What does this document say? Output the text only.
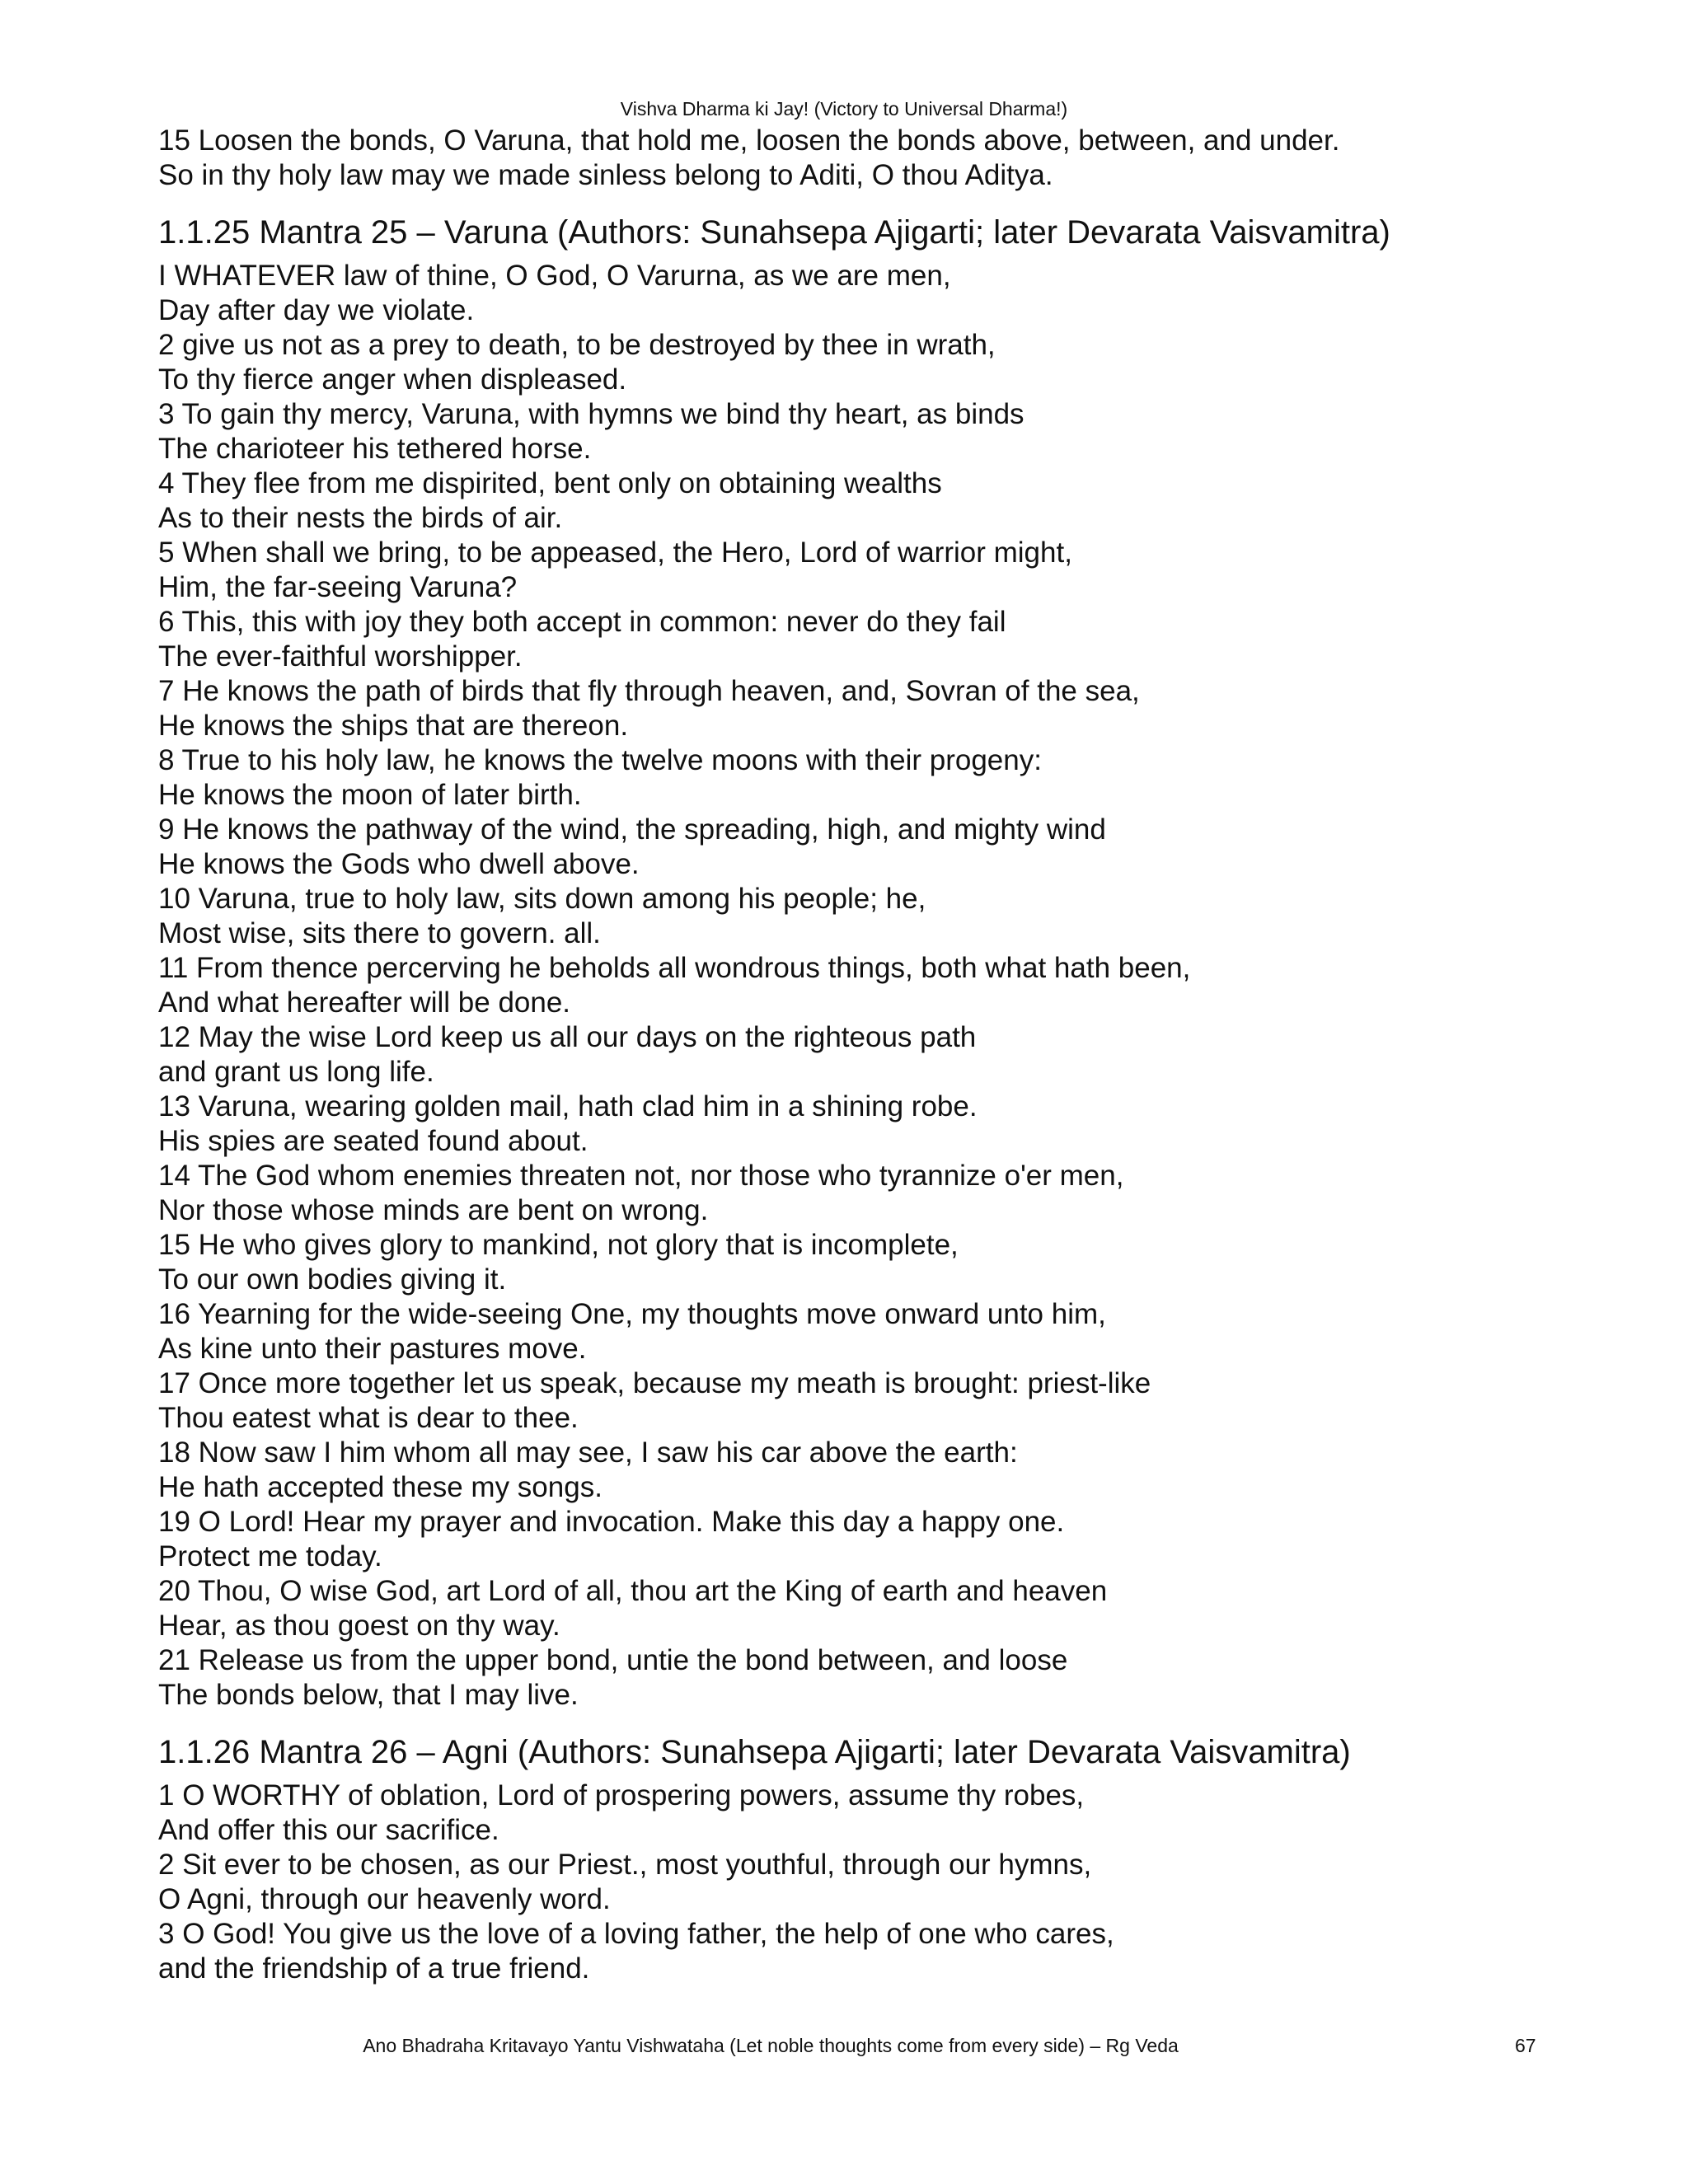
Vishva Dharma ki Jay! (Victory to Universal Dharma!)
15 Loosen the bonds, O Varuna, that hold me, loosen the bonds above, between, and under.
So in thy holy law may we made sinless belong to Aditi, O thou Aditya.
1.1.25 Mantra 25 – Varuna (Authors: Sunahsepa Ajigarti; later Devarata Vaisvamitra)
I WHATEVER law of thine, O God, O Varurna, as we are men,
Day after day we violate.
2 give us not as a prey to death, to be destroyed by thee in wrath,
To thy fierce anger when displeased.
3 To gain thy mercy, Varuna, with hymns we bind thy heart, as binds
The charioteer his tethered horse.
4 They flee from me dispirited, bent only on obtaining wealths
As to their nests the birds of air.
5 When shall we bring, to be appeased, the Hero, Lord of warrior might,
Him, the far-seeing Varuna?
6 This, this with joy they both accept in common: never do they fail
The ever-faithful worshipper.
7 He knows the path of birds that fly through heaven, and, Sovran of the sea,
He knows the ships that are thereon.
8 True to his holy law, he knows the twelve moons with their progeny:
He knows the moon of later birth.
9 He knows the pathway of the wind, the spreading, high, and mighty wind
He knows the Gods who dwell above.
10 Varuna, true to holy law, sits down among his people; he,
Most wise, sits there to govern. all.
11 From thence percerving he beholds all wondrous things, both what hath been,
And what hereafter will be done.
12 May the wise Lord keep us all our days on the righteous path
and grant us long life.
13 Varuna, wearing golden mail, hath clad him in a shining robe.
His spies are seated found about.
14 The God whom enemies threaten not, nor those who tyrannize o'er men,
Nor those whose minds are bent on wrong.
15 He who gives glory to mankind, not glory that is incomplete,
To our own bodies giving it.
16 Yearning for the wide-seeing One, my thoughts move onward unto him,
As kine unto their pastures move.
17 Once more together let us speak, because my meath is brought: priest-like
Thou eatest what is dear to thee.
18 Now saw I him whom all may see, I saw his car above the earth:
He hath accepted these my songs.
19 O Lord! Hear my prayer and invocation. Make this day a happy one.
Protect me today.
20 Thou, O wise God, art Lord of all, thou art the King of earth and heaven
Hear, as thou goest on thy way.
21 Release us from the upper bond, untie the bond between, and loose
The bonds below, that I may live.
1.1.26 Mantra 26 – Agni (Authors: Sunahsepa Ajigarti; later Devarata Vaisvamitra)
1 O WORTHY of oblation, Lord of prospering powers, assume thy robes,
And offer this our sacrifice.
2 Sit ever to be chosen, as our Priest., most youthful, through our hymns,
O Agni, through our heavenly word.
3 O God! You give us the love of a loving father, the help of one who cares,
and the friendship of a true friend.
Ano Bhadraha Kritavayo Yantu Vishwataha (Let noble thoughts come from every side) – Rg Veda	67
